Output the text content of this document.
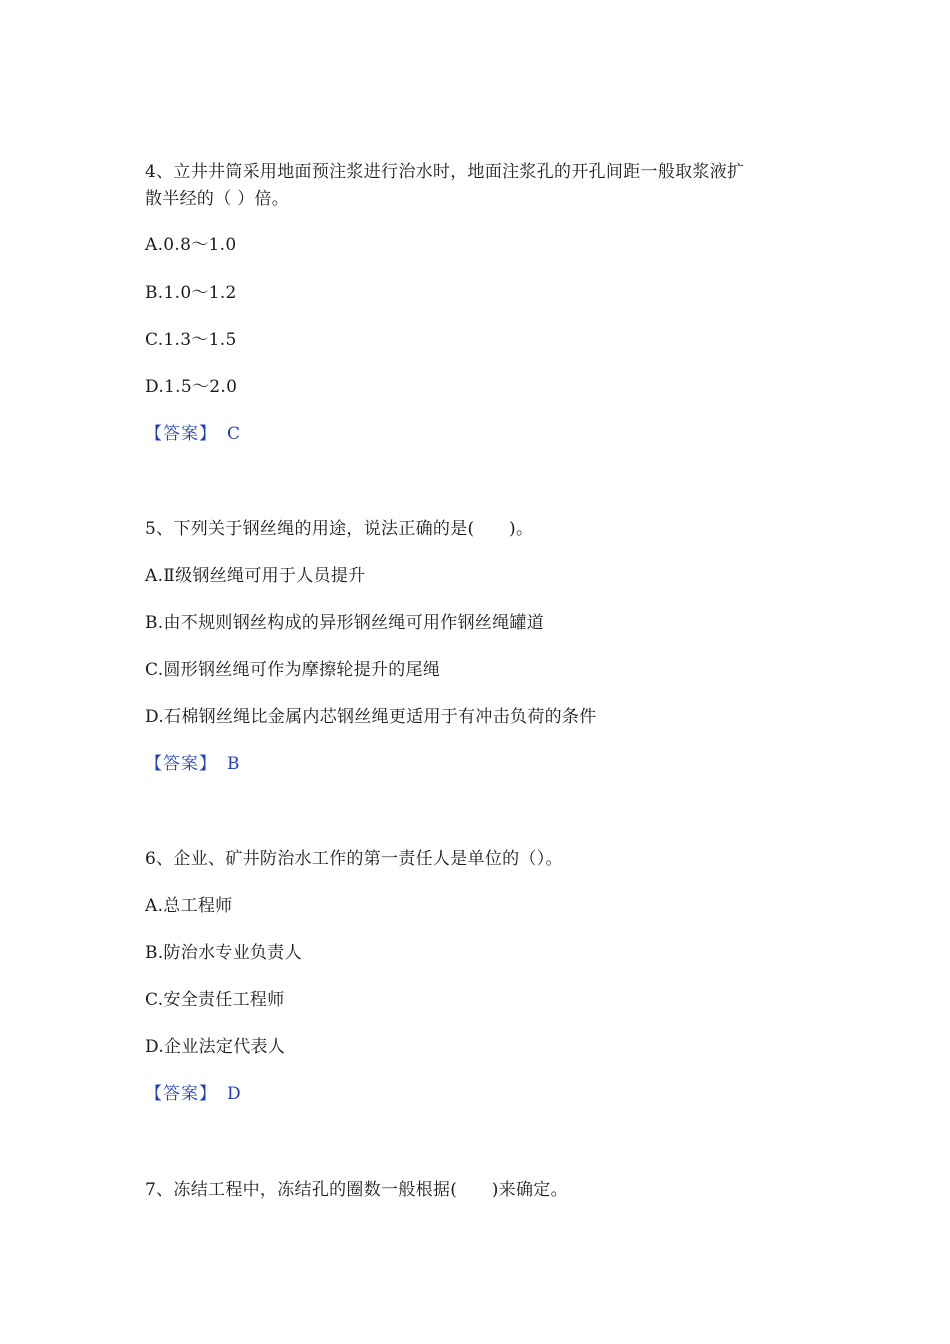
4、立井井筒采用地面预注浆进行治水时，地面注浆孔的开孔间距一般取浆液扩
散半经的（ ）倍。
A.0.8～1.0
B.1.0～1.2
C.1.3～1.5
D.1.5～2.0
【答案】 C
5、下列关于钢丝绳的用途，说法正确的是(　　)。
A.Ⅱ级钢丝绳可用于人员提升
B.由不规则钢丝构成的异形钢丝绳可用作钢丝绳罐道
C.圆形钢丝绳可作为摩擦轮提升的尾绳
D.石棉钢丝绳比金属内芯钢丝绳更适用于有冲击负荷的条件
【答案】 B
6、企业、矿井防治水工作的第一责任人是单位的（）。
A.总工程师
B.防治水专业负责人
C.安全责任工程师
D.企业法定代表人
【答案】 D
7、冻结工程中，冻结孔的圈数一般根据(　　)来确定。
